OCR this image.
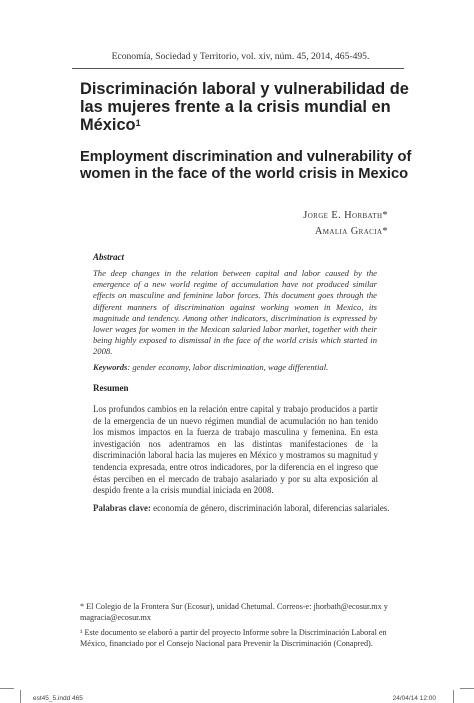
Economía, Sociedad y Territorio, vol. xiv, núm. 45, 2014, 465-495.
Discriminación laboral y vulnerabilidad de las mujeres frente a la crisis mundial en México$^1$
Employment discrimination and vulnerability of women in the face of the world crisis in Mexico
Jorge E. Horbath*
Amalia Gracia*
Abstract

The deep changes in the relation between capital and labor caused by the emergence of a new world regime of accumulation have not produced similar effects on masculine and feminine labor forces. This document goes through the different manners of discrimination against working women in Mexico, its magnitude and tendency. Among other indicators, discrimination is expressed by lower wages for women in the Mexican salaried labor market, together with their being highly exposed to dismissal in the face of the world crisis which started in 2008.

Keywords: gender economy, labor discrimination, wage differential.

Resumen

Los profundos cambios en la relación entre capital y trabajo producidos a partir de la emergencia de un nuevo régimen mundial de acumulación no han tenido los mismos impactos en la fuerza de trabajo masculina y femenina. En esta investigación nos adentramos en las distintas manifestaciones de la discriminación laboral hacia las mujeres en México y mostramos su magnitud y tendencia expresada, entre otros indicadores, por la diferencia en el ingreso que éstas perciben en el mercado de trabajo asalariado y por su alta exposición al despido frente a la crisis mundial iniciada en 2008.

Palabras clave: economía de género, discriminación laboral, diferencias salariales.

* El Colegio de la Frontera Sur (Ecosur), unidad Chetumal. Correos-e: jhorbath@ecosur.mx y magracia@ecosur.mx

¹ Este documento se elaboró a partir del proyecto Informe sobre la Discriminación Laboral en México, financiado por el Consejo Nacional para Prevenir la Discriminación (Conapred).

est45_5.indd 465	24/04/14 12:00
